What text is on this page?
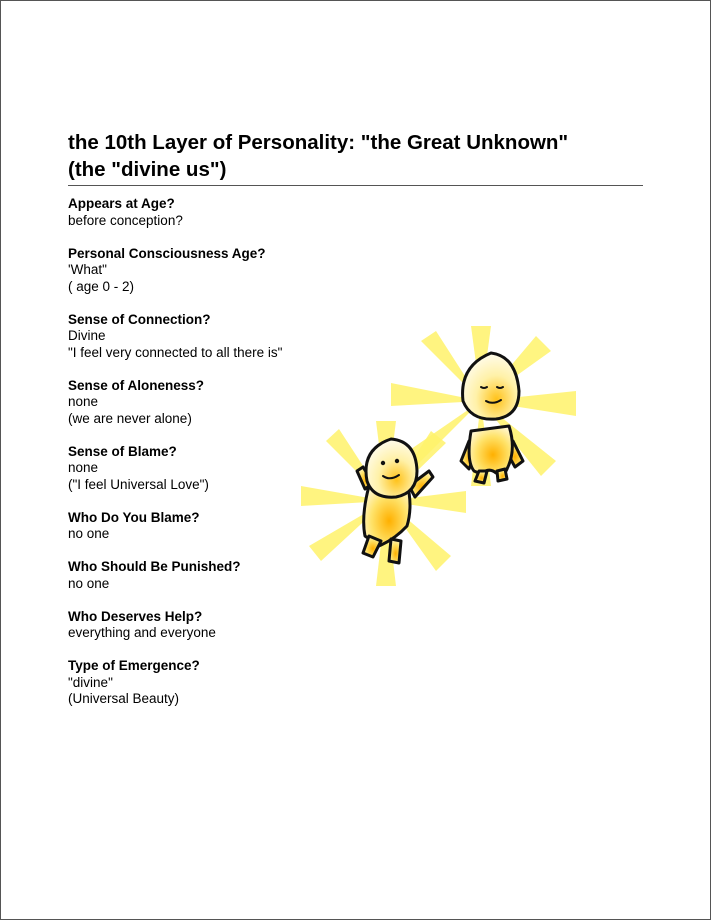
the 10th Layer of Personality: "the Great Unknown"
(the "divine us")
Appears at Age?
before conception?
Personal Consciousness Age?
'What"
( age 0 - 2)
Sense of Connection?
Divine
"I feel very connected to all there is"
Sense of Aloneness?
none
(we are never alone)
Sense of Blame?
none
("I feel Universal Love")
Who Do You Blame?
no one
Who Should Be Punished?
no one
Who Deserves Help?
everything and everyone
Type of Emergence?
"divine"
(Universal Beauty)
